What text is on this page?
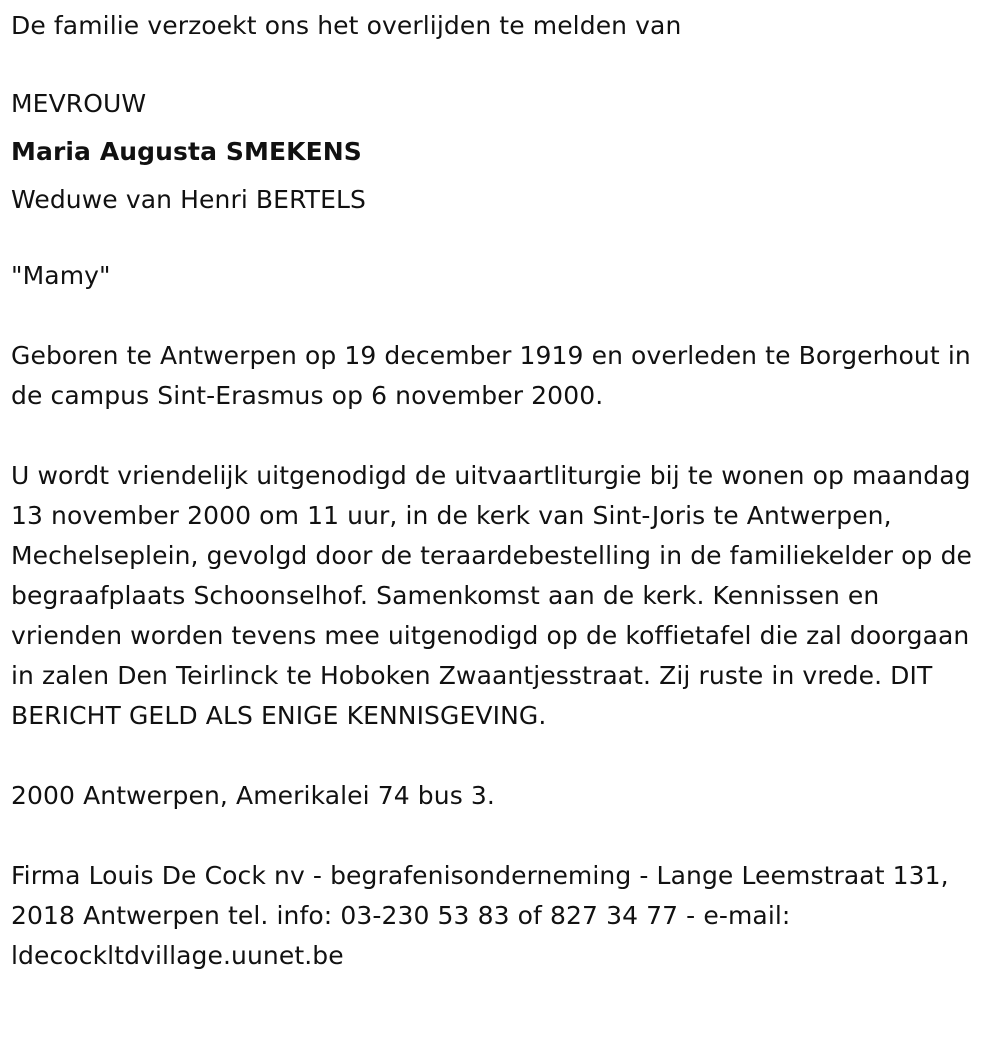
De familie verzoekt ons het overlijden te melden van

MEVROUW

Maria Augusta SMEKENS

Weduwe van Henri BERTELS

"Mamy"

Geboren te Antwerpen op 19 december 1919 en overleden te Borgerhout in de campus Sint-Erasmus op 6 november 2000.

U wordt vriendelijk uitgenodigd de uitvaartliturgie bij te wonen op maandag 13 november 2000 om 11 uur, in de kerk van Sint-Joris te Antwerpen, Mechelseplein, gevolgd door de teraardebestelling in de familiekelder op de begraafplaats Schoonselhof. Samenkomst aan de kerk. Kennissen en vrienden worden tevens mee uitgenodigd op de koffietafel die zal doorgaan in zalen Den Teirlinck te Hoboken Zwaantjesstraat. Zij ruste in vrede. DIT BERICHT GELD ALS ENIGE KENNISGEVING.

2000 Antwerpen, Amerikalei 74 bus 3.

Firma Louis De Cock nv - begrafenisonderneming - Lange Leemstraat 131, 2018 Antwerpen tel. info: 03-230 53 83 of 827 34 77 - e-mail: ldecockltdvillage.uunet.be
